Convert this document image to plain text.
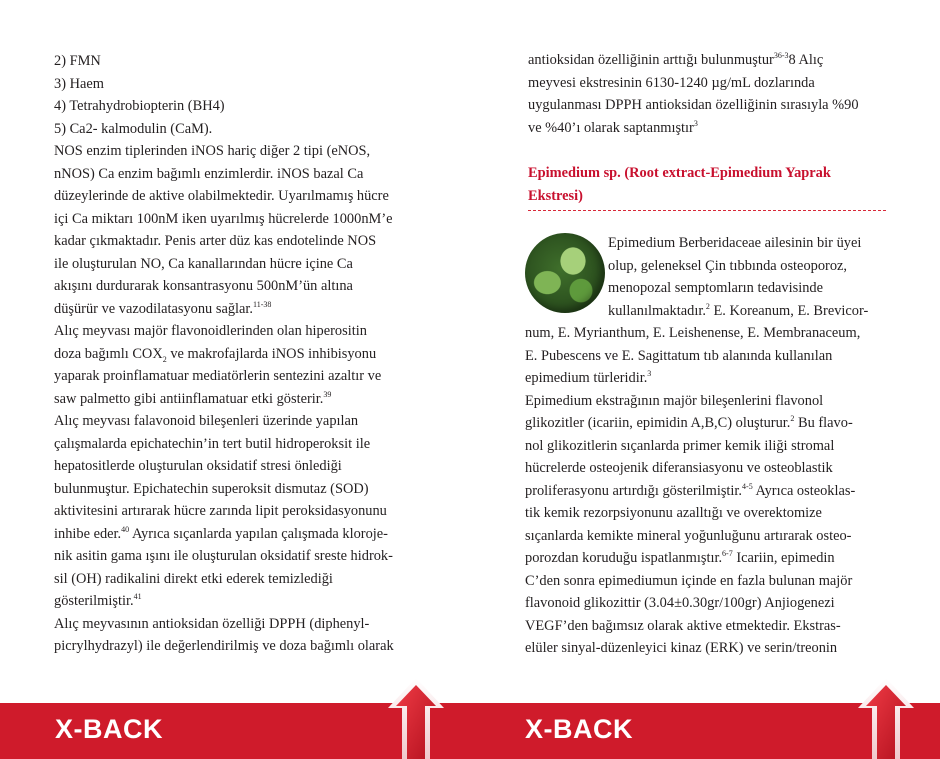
2) FMN
3) Haem
4) Tetrahydrobiopterin (BH4)
5) Ca2- kalmodulin (CaM).
NOS enzim tiplerinden iNOS hariç diğer 2 tipi (eNOS,
nNOS) Ca enzim bağımlı enzimlerdir. iNOS bazal Ca
düzeylerinde de aktive olabilmektedir. Uyarılmamış hücre
içi Ca miktarı 100nM iken uyarılmış hücrelerde 1000nM’e
kadar çıkmaktadır. Penis arter düz kas endotelinde NOS
ile oluşturulan NO, Ca kanallarından hücre içine Ca
akışını durdurarak konsantrasyonu 500nM’ün altına
düşürür ve vazodilatasyonu sağlar.$^{11-38}$
Alıç meyvası majör flavonoidlerinden olan hiperositin
doza bağımlı $COX_2$ ve makrofajlarda iNOS inhibisyonu
yaparak proinflamatuar mediatörlerin sentezini azaltır ve
saw palmetto gibi antiinflamatuar etki gösterir.$^{39}$
Alıç meyvası falavonoid bileşenleri üzerinde yapılan
çalışmalarda epichatechin’in tert butil hidroperoksit ile
hepatositlerde oluşturulan oksidatif stresi önlediği
bulunmuştur. Epichatechin superoksit dismutaz (SOD)
aktivitesini artırarak hücre zarında lipit peroksidasyonunu
inhibe eder.$^{40}$ Ayrıca sıçanlarda yapılan çalışmada kloroje-
nik asitin gama ışını ile oluşturulan oksidatif sreste hidrok-
sil (OH) radikalini direkt etki ederek temizlediği
gösterilmiştir.$^{41}$
Alıç meyvasının antioksidan özelliği DPPH (diphenyl-
picrylhydrazyl) ile değerlendirilmiş ve doza bağımlı olarak
X-BACK
antioksidan özelliğinin arttığı bulunmuştur$^{36-3}$8 Alıç
meyvesi ekstresinin 6130-1240 µg/mL dozlarında
uygulanması DPPH antioksidan özelliğinin sırasıyla %90
ve %40’ı olarak saptanmıştır$^3$
Epimedium sp. (Root extract-Epimedium Yaprak
Ekstresi)
Epimedium Berberidaceae ailesinin bir üyei
olup, geleneksel Çin tıbbında osteoporoz,
menopozal semptomların tedavisinde
kullanılmaktadır.$^2$ E. Koreanum, E. Brevicor-
num, E. Myrianthum, E. Leishenense, E. Membranaceum,
E. Pubescens ve E. Sagittatum tıb alanında kullanılan
epimedium türleridir.$^3$
Epimedium ekstrağının majör bileşenlerini flavonol
glikozitler (icariin, epimidin A,B,C) oluşturur.$^2$ Bu flavo-
nol glikozitlerin sıçanlarda primer kemik iliği stromal
hücrelerde osteojenik diferansiasyonu ve osteoblastik
proliferasyonu artırdığı gösterilmiştir.$^{4-5}$ Ayrıca osteoklas-
tik kemik rezorpsiyonunu azalltığı ve overektomize
sıçanlarda kemikte mineral yoğunluğunu artırarak osteo-
porozdan koruduğu ispatlanmıştır.$^{6-7}$ Icariin, epimedin
C’den sonra epimediumun içinde en fazla bulunan majör
flavonoid glikozittir (3.04±0.30gr/100gr) Anjiogenezi
VEGF’den bağımsız olarak aktive etmektedir. Ekstras-
elüler sinyal-düzenleyici kinaz (ERK) ve serin/treonin
X-BACK
